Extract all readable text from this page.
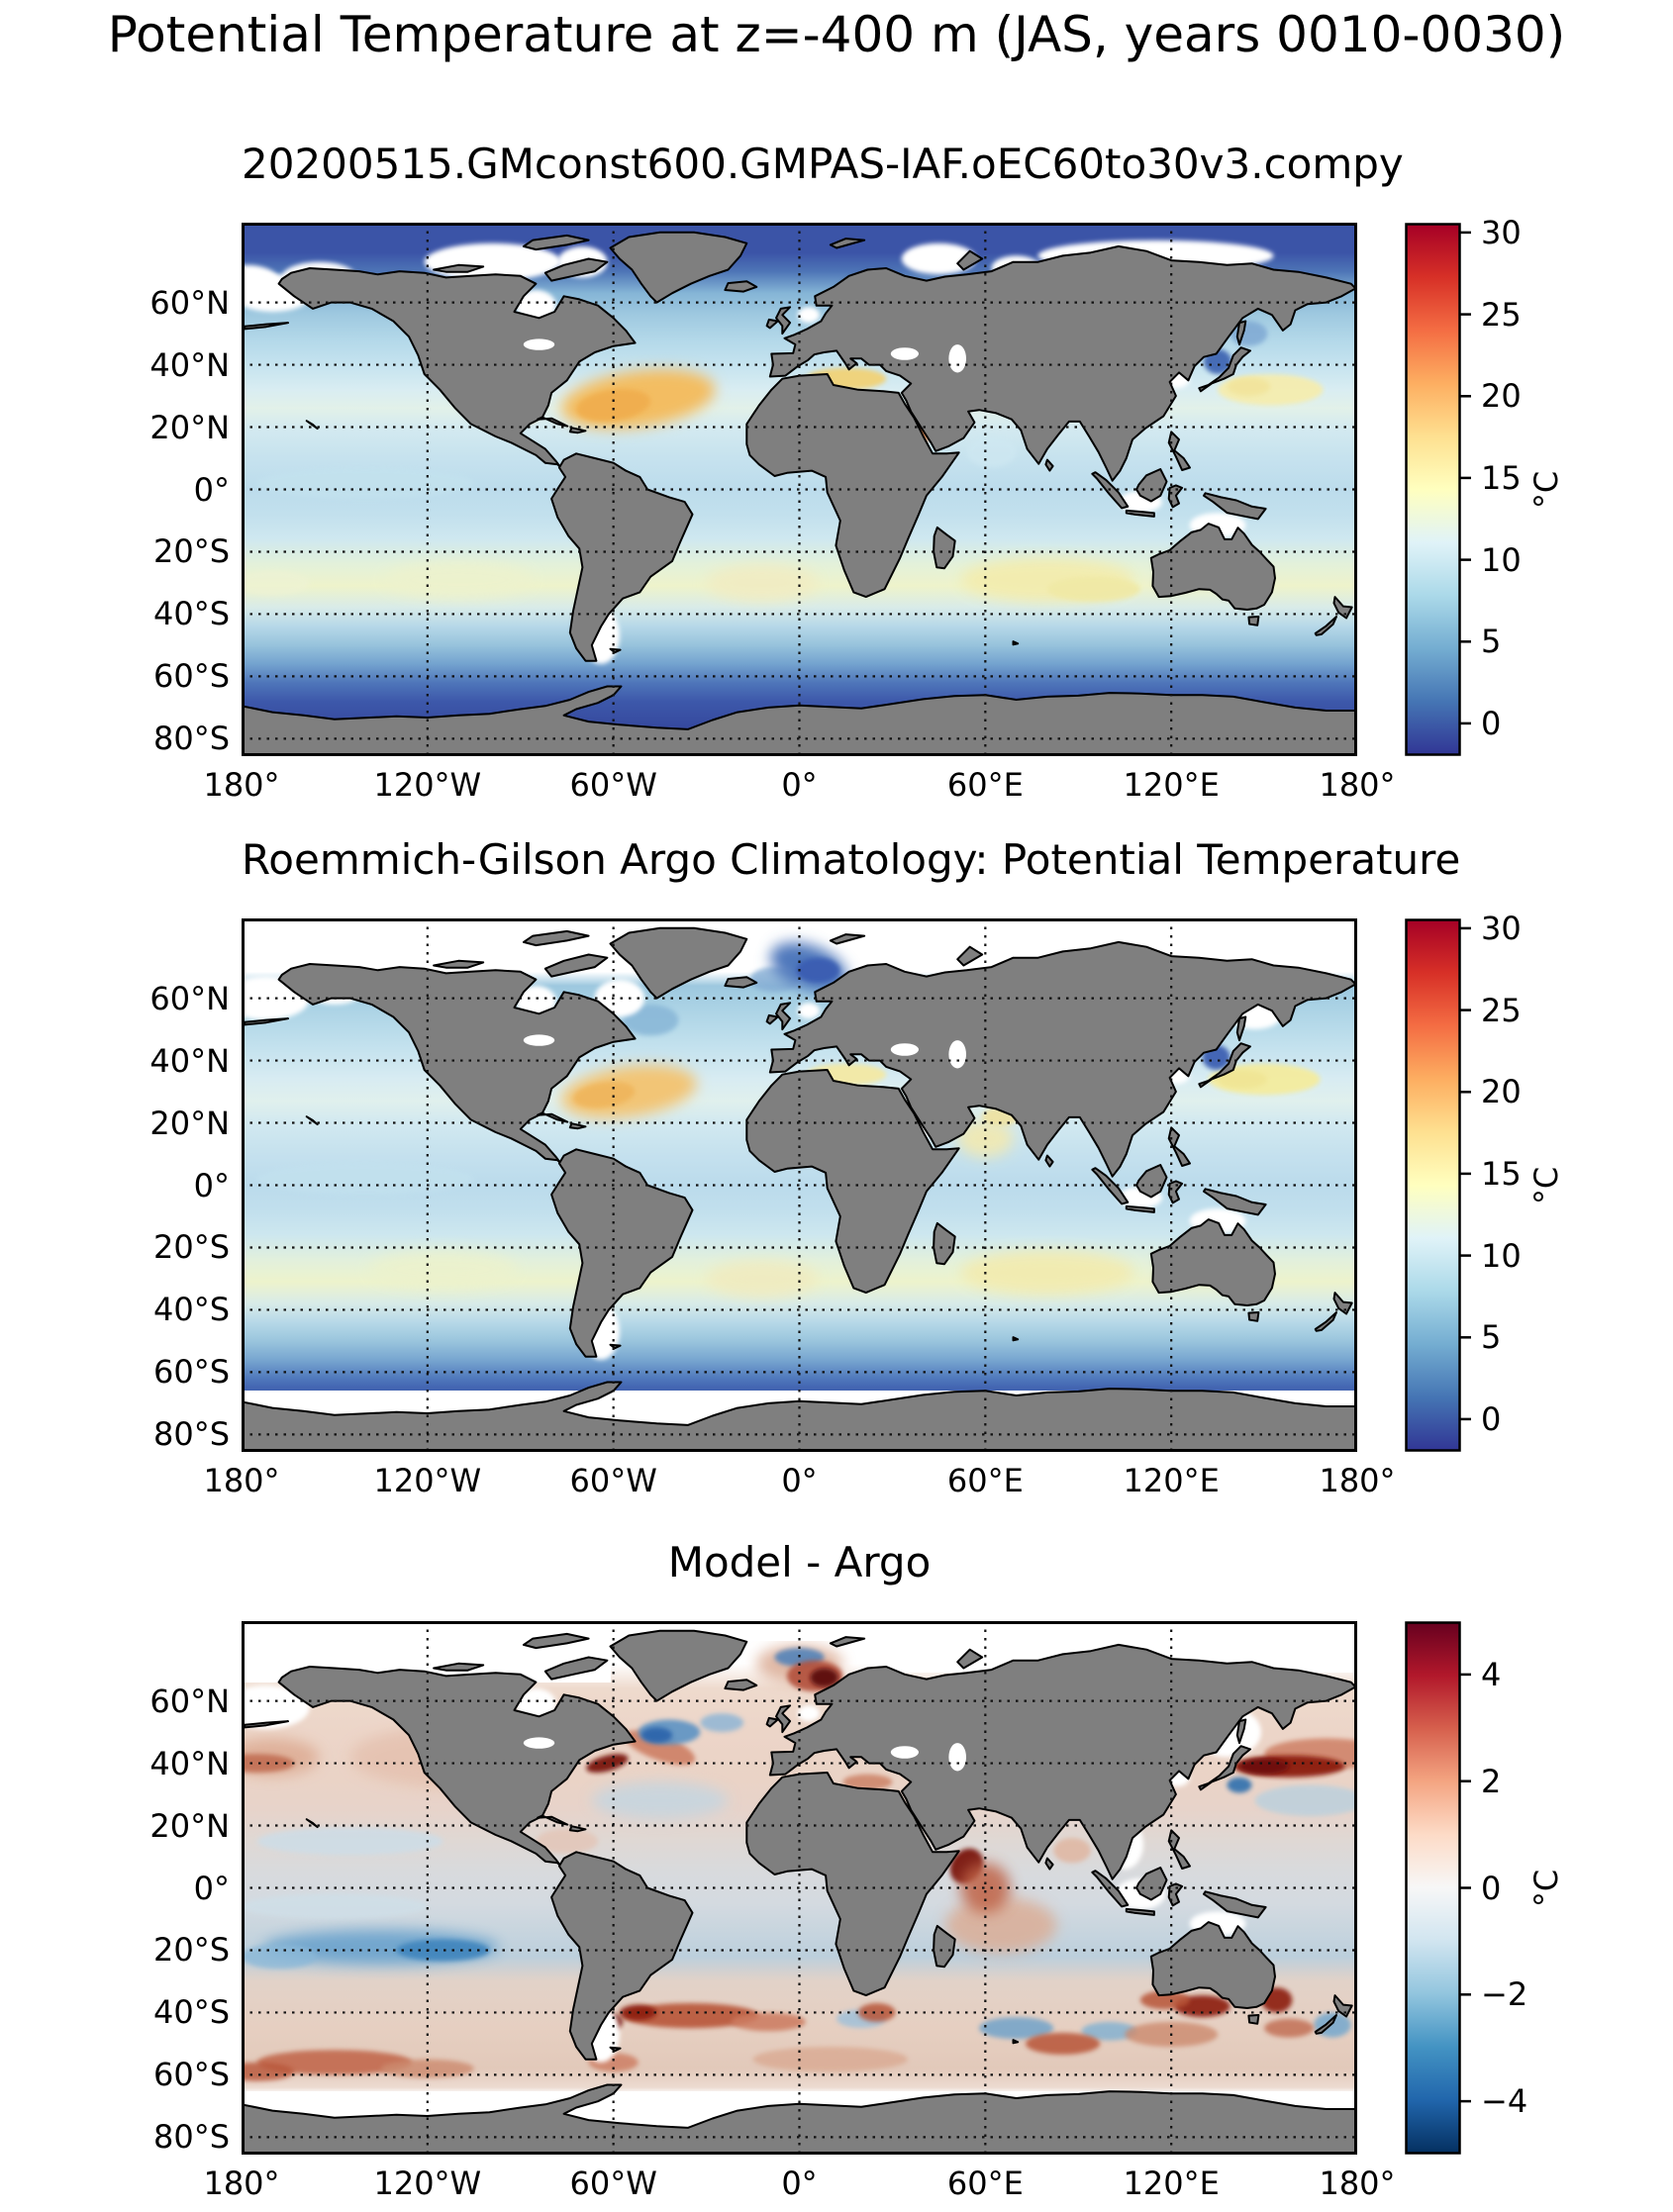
Potential Temperature at z=-400 m (JAS, years 0010-0030)
20200515.GMconst600.GMPAS-IAF.oEC60to30v3.compy
°C
Roemmich-Gilson Argo Climatology: Potential Temperature
°C
Model - Argo
°C
30
25
20
15
10
5
0
180°	120°W	60°W	0°	60°E	120°E	180°
60°N
40°N
20°N
0°
20°S
40°S
60°S
80°S
30
25
20
15
10
5
0
180°	120°W	60°W	0°	60°E	120°E	180°
60°N
40°N
20°N
0°
20°S
40°S
60°S
80°S
4
2
0
−2
−4
180°	120°W	60°W	0°	60°E	120°E	180°
60°N
40°N
20°N
0°
20°S
40°S
60°S
80°S
